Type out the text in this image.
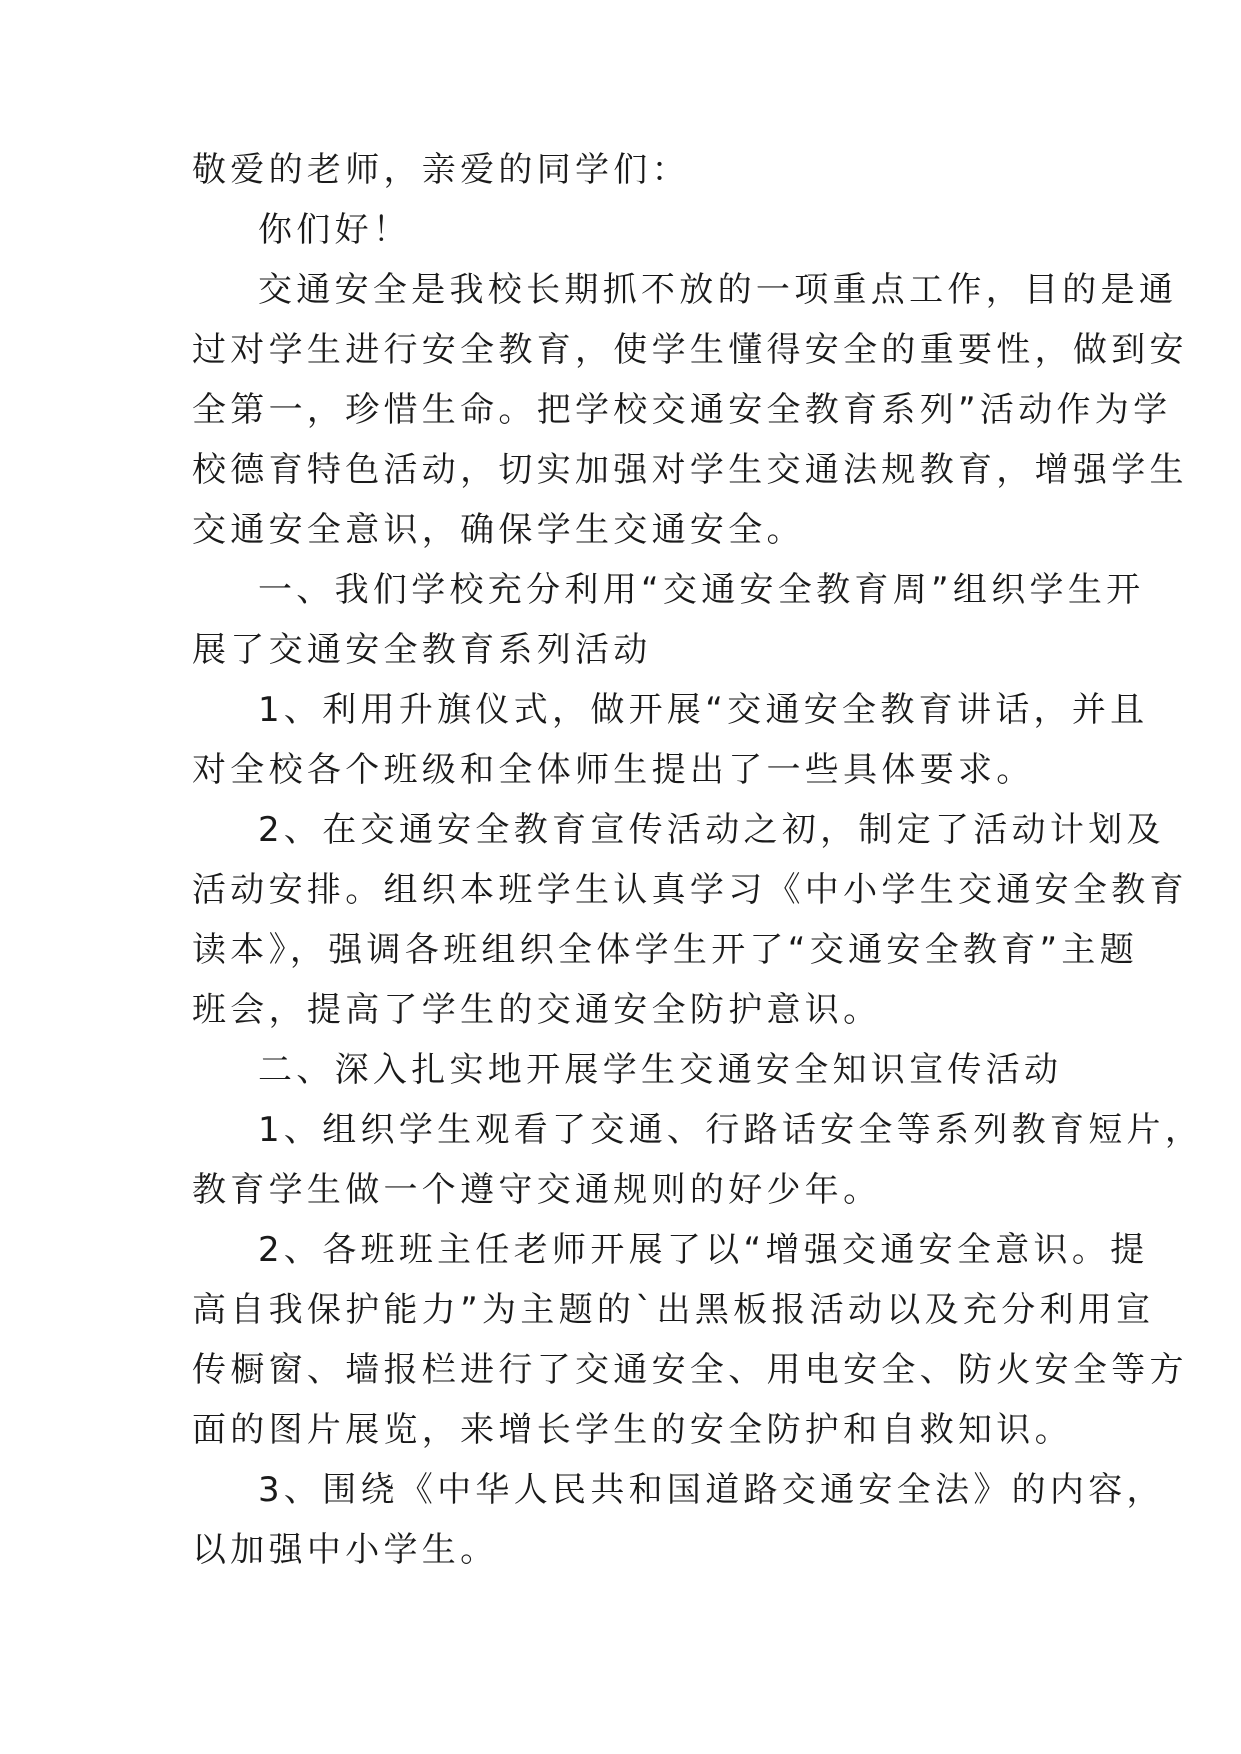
敬爱的老师，亲爱的同学们：
你们好！
交通安全是我校长期抓不放的一项重点工作，目的是通
过对学生进行安全教育，使学生懂得安全的重要性，做到安
全第一，珍惜生命。把学校交通安全教育系列”活动作为学
校德育特色活动，切实加强对学生交通法规教育，增强学生
交通安全意识，确保学生交通安全。
一、我们学校充分利用“交通安全教育周”组织学生开
展了交通安全教育系列活动
1、利用升旗仪式，做开展“交通安全教育讲话，并且
对全校各个班级和全体师生提出了一些具体要求。
2、在交通安全教育宣传活动之初，制定了活动计划及
活动安排。组织本班学生认真学习《中小学生交通安全教育
读本》，强调各班组织全体学生开了“交通安全教育”主题
班会，提高了学生的交通安全防护意识。
二、深入扎实地开展学生交通安全知识宣传活动
1、组织学生观看了交通、行路话安全等系列教育短片，
教育学生做一个遵守交通规则的好少年。
2、各班班主任老师开展了以“增强交通安全意识。提
高自我保护能力”为主题的`出黑板报活动以及充分利用宣
传橱窗、墙报栏进行了交通安全、用电安全、防火安全等方
面的图片展览，来增长学生的安全防护和自救知识。
3、围绕《中华人民共和国道路交通安全法》的内容，
以加强中小学生。
